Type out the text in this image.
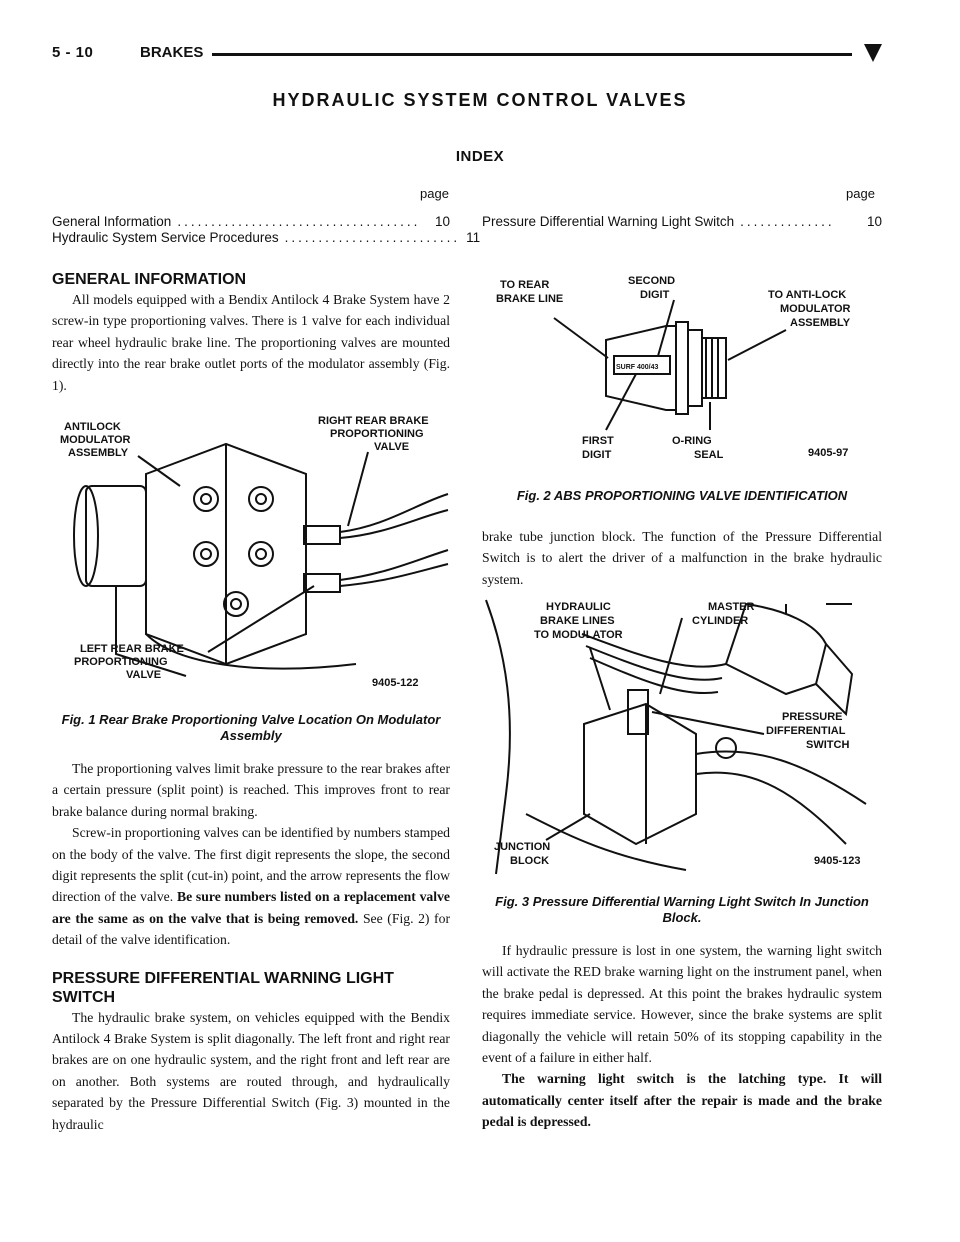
5 - 10	BRAKES
HYDRAULIC SYSTEM CONTROL VALVES
INDEX
page	page
General Information ....................................	10
Hydraulic System Service Procedures .......................... 11
Pressure Differential Warning Light Switch ..............	10
GENERAL INFORMATION

All models equipped with a Bendix Antilock 4 Brake System have 2 screw-in type proportioning valves. There is 1 valve for each individual rear wheel hydraulic brake line. The proportioning valves are mounted directly into the rear brake outlet ports of the modulator assembly (Fig. 1).

ANTILOCK
MODULATOR
ASSEMBLY
RIGHT REAR BRAKE
PROPORTIONING
VALVE
LEFT REAR BRAKE
PROPORTIONING
VALVE
9405-122

Fig. 1 Rear Brake Proportioning Valve Location On Modulator Assembly

The proportioning valves limit brake pressure to the rear brakes after a certain pressure (split point) is reached. This improves front to rear brake balance during normal braking.

Screw-in proportioning valves can be identified by numbers stamped on the body of the valve. The first digit represents the slope, the second digit represents the split (cut-in) point, and the arrow represents the flow direction of the valve. Be sure numbers listed on a replacement valve are the same as on the valve that is being removed. See (Fig. 2) for detail of the valve identification.

PRESSURE DIFFERENTIAL WARNING LIGHT SWITCH

The hydraulic brake system, on vehicles equipped with the Bendix Antilock 4 Brake System is split diagonally. The left front and right rear brakes are on one hydraulic system, and the right front and left rear are on another. Both systems are routed through, and hydraulically separated by the Pressure Differential Switch (Fig. 3) mounted in the hydraulic

TO REAR
BRAKE LINE
SECOND
DIGIT	TO ANTI-LOCK
MODULATOR
ASSEMBLY
SURF 400/43
FIRST
DIGIT
O-RING
SEAL	9405-97

Fig. 2 ABS PROPORTIONING VALVE IDENTIFICATION

brake tube junction block. The function of the Pressure Differential Switch is to alert the driver of a malfunction in the brake hydraulic system.

HYDRAULIC
BRAKE LINES
TO MODULATOR
MASTER
CYLINDER
PRESSURE
DIFFERENTIAL
SWITCH
JUNCTION
BLOCK	9405-123

Fig. 3 Pressure Differential Warning Light Switch In Junction Block.

If hydraulic pressure is lost in one system, the warning light switch will activate the RED brake warning light on the instrument panel, when the brake pedal is depressed. At this point the brakes hydraulic system requires immediate service. However, since the brake systems are split diagonally the vehicle will retain 50% of its stopping capability in the event of a failure in either half.

The warning light switch is the latching type. It will automatically center itself after the repair is made and the brake pedal is depressed.
